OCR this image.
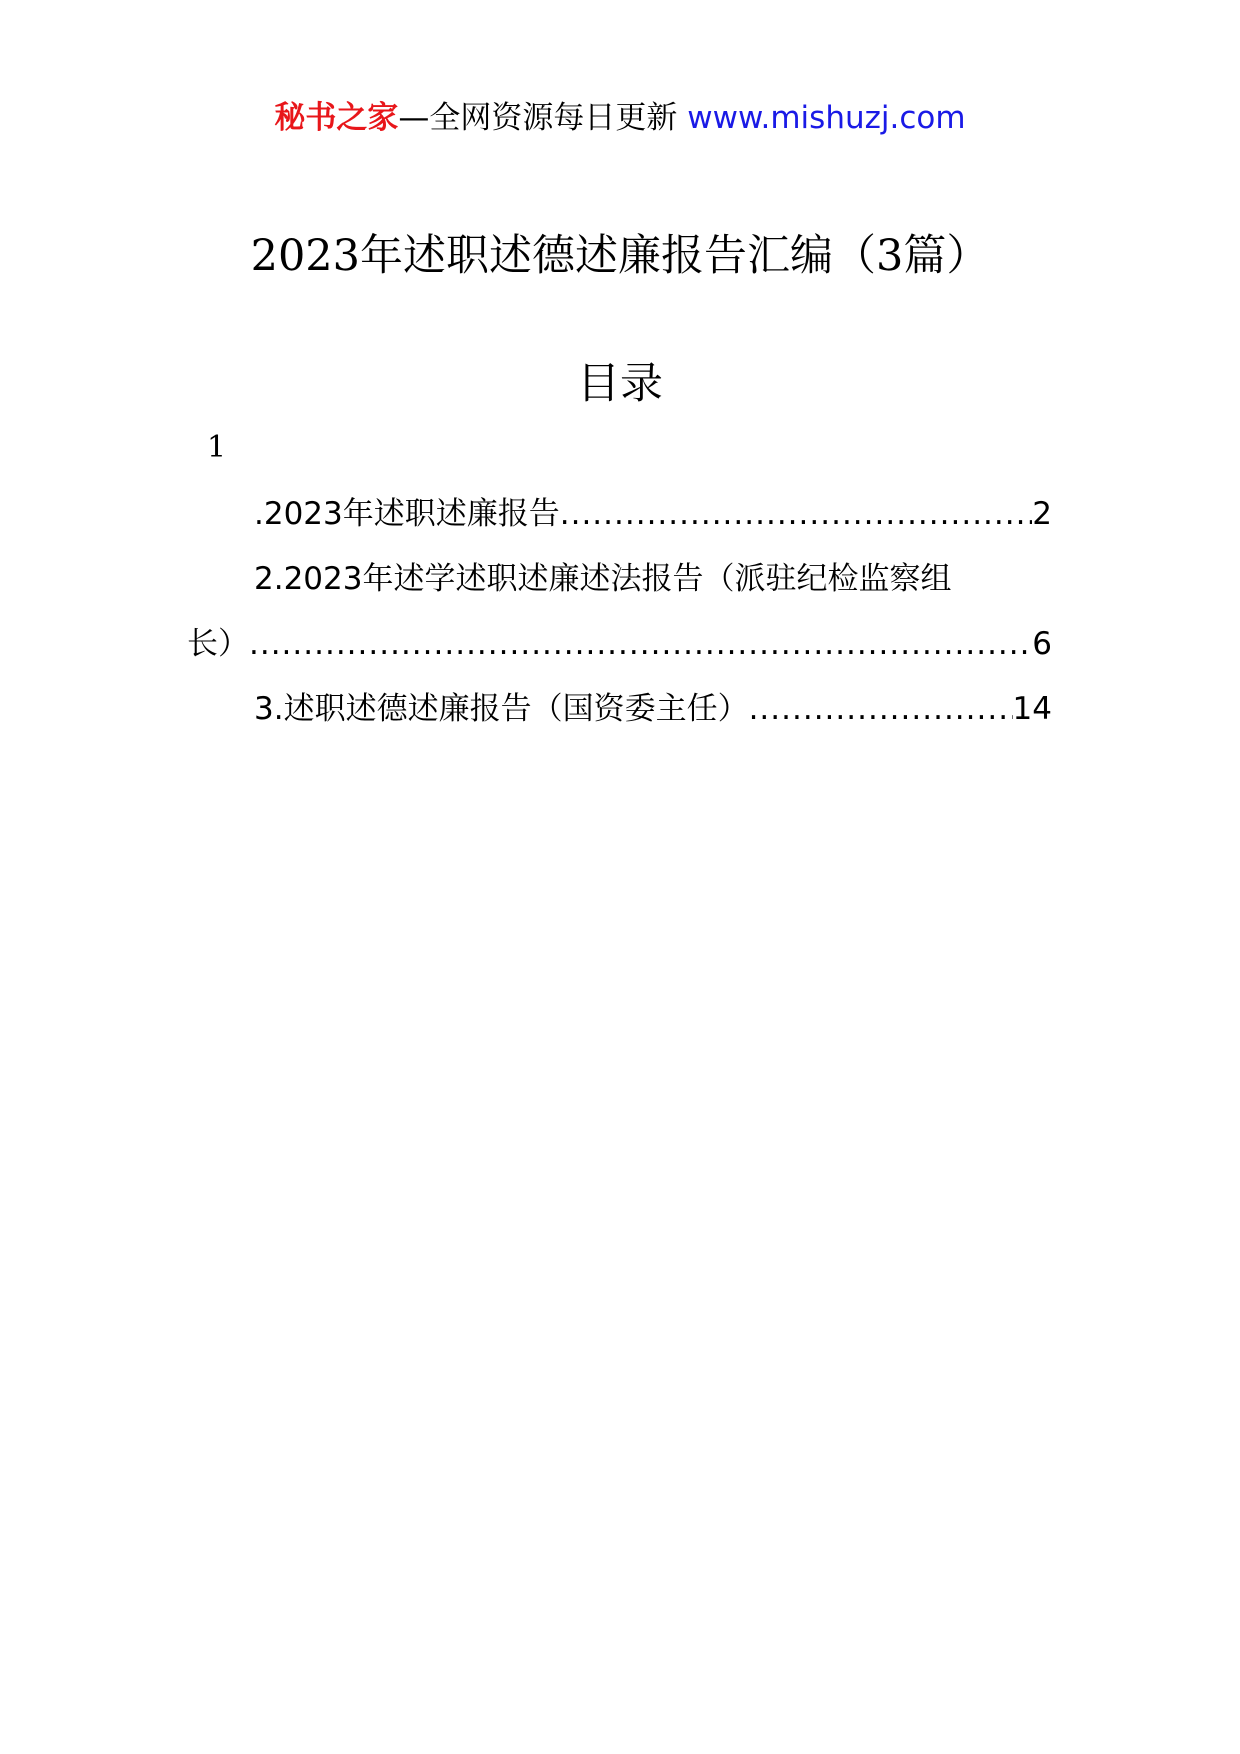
秘书之家—全网资源每日更新 www.mishuzj.com
2023年述职述德述廉报告汇编（3篇）
目录
1
.2023年述职述廉报告 .....	2
2.2023年述学述职述廉述法报告（派驻纪检监察组
长） .....	6
3.述职述德述廉报告（国资委主任） .....	14
